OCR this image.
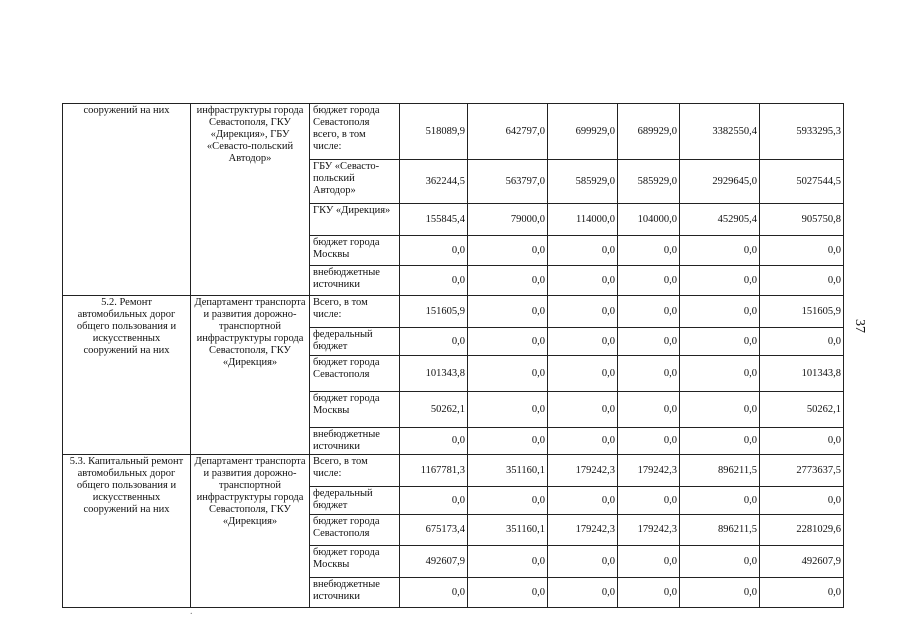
сооружений на них	инфраструктуры города Севастополя, ГКУ «Дирекция», ГБУ «Севасто-польский Автодор»	бюджет города Севастополя всего, в том числе:	518089,9	642797,0	699929,0	689929,0	3382550,4	5933295,3
		ГБУ «Севасто-польский Автодор»	362244,5	563797,0	585929,0	585929,0	2929645,0	5027544,5
		ГКУ «Дирекция»	155845,4	79000,0	114000,0	104000,0	452905,4	905750,8
		бюджет города Москвы	0,0	0,0	0,0	0,0	0,0	0,0
		внебюджетные источники	0,0	0,0	0,0	0,0	0,0	0,0
5.2. Ремонт автомобильных дорог общего пользования и искусственных сооружений на них	Департамент транспорта и развития дорожно-транспортной инфраструктуры города Севастополя, ГКУ «Дирекция»	Всего, в том числе:	151605,9	0,0	0,0	0,0	0,0	151605,9
		федеральный бюджет	0,0	0,0	0,0	0,0	0,0	0,0
		бюджет города Севастополя	101343,8	0,0	0,0	0,0	0,0	101343,8
		бюджет города Москвы	50262,1	0,0	0,0	0,0	0,0	50262,1
		внебюджетные источники	0,0	0,0	0,0	0,0	0,0	0,0
5.3. Капитальный ремонт автомобильных дорог общего пользования и искусственных сооружений на них	Департамент транспорта и развития дорожно-транспортной инфраструктуры города Севастополя, ГКУ «Дирекция»	Всего, в том числе:	1167781,3	351160,1	179242,3	179242,3	896211,5	2773637,5
		федеральный бюджет	0,0	0,0	0,0	0,0	0,0	0,0
		бюджет города Севастополя	675173,4	351160,1	179242,3	179242,3	896211,5	2281029,6
		бюджет города Москвы	492607,9	0,0	0,0	0,0	0,0	492607,9
		внебюджетные источники	0,0	0,0	0,0	0,0	0,0	0,0
37
.
